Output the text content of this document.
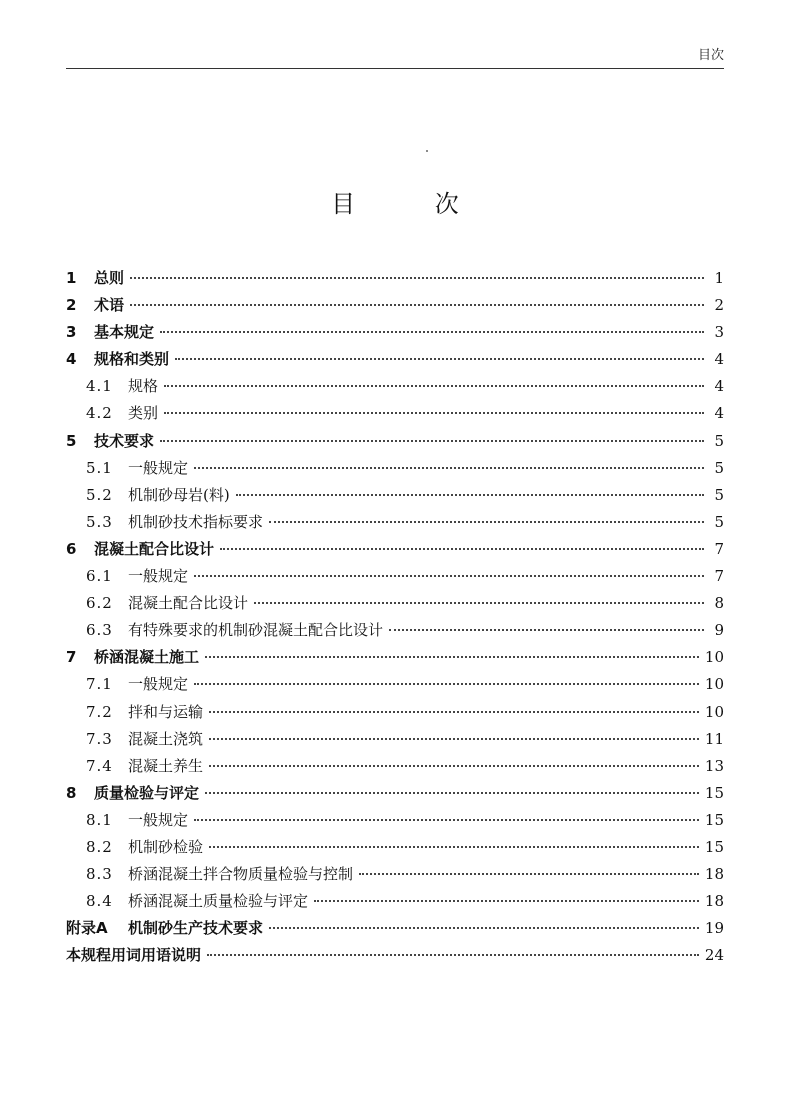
目次
目 次
1	总则	1
2	术语	2
3	基本规定	3
4	规格和类别	4
4.1	规格	4
4.2	类别	4
5	技术要求	5
5.1	一般规定	5
5.2	机制砂母岩(料)	5
5.3	机制砂技术指标要求	5
6	混凝土配合比设计	7
6.1	一般规定	7
6.2	混凝土配合比设计	8
6.3	有特殊要求的机制砂混凝土配合比设计	9
7	桥涵混凝土施工	10
7.1	一般规定	10
7.2	拌和与运输	10
7.3	混凝土浇筑	11
7.4	混凝土养生	13
8	质量检验与评定	15
8.1	一般规定	15
8.2	机制砂检验	15
8.3	桥涵混凝土拌合物质量检验与控制	18
8.4	桥涵混凝土质量检验与评定	18
附录A	机制砂生产技术要求	19
本规程用词用语说明	24
